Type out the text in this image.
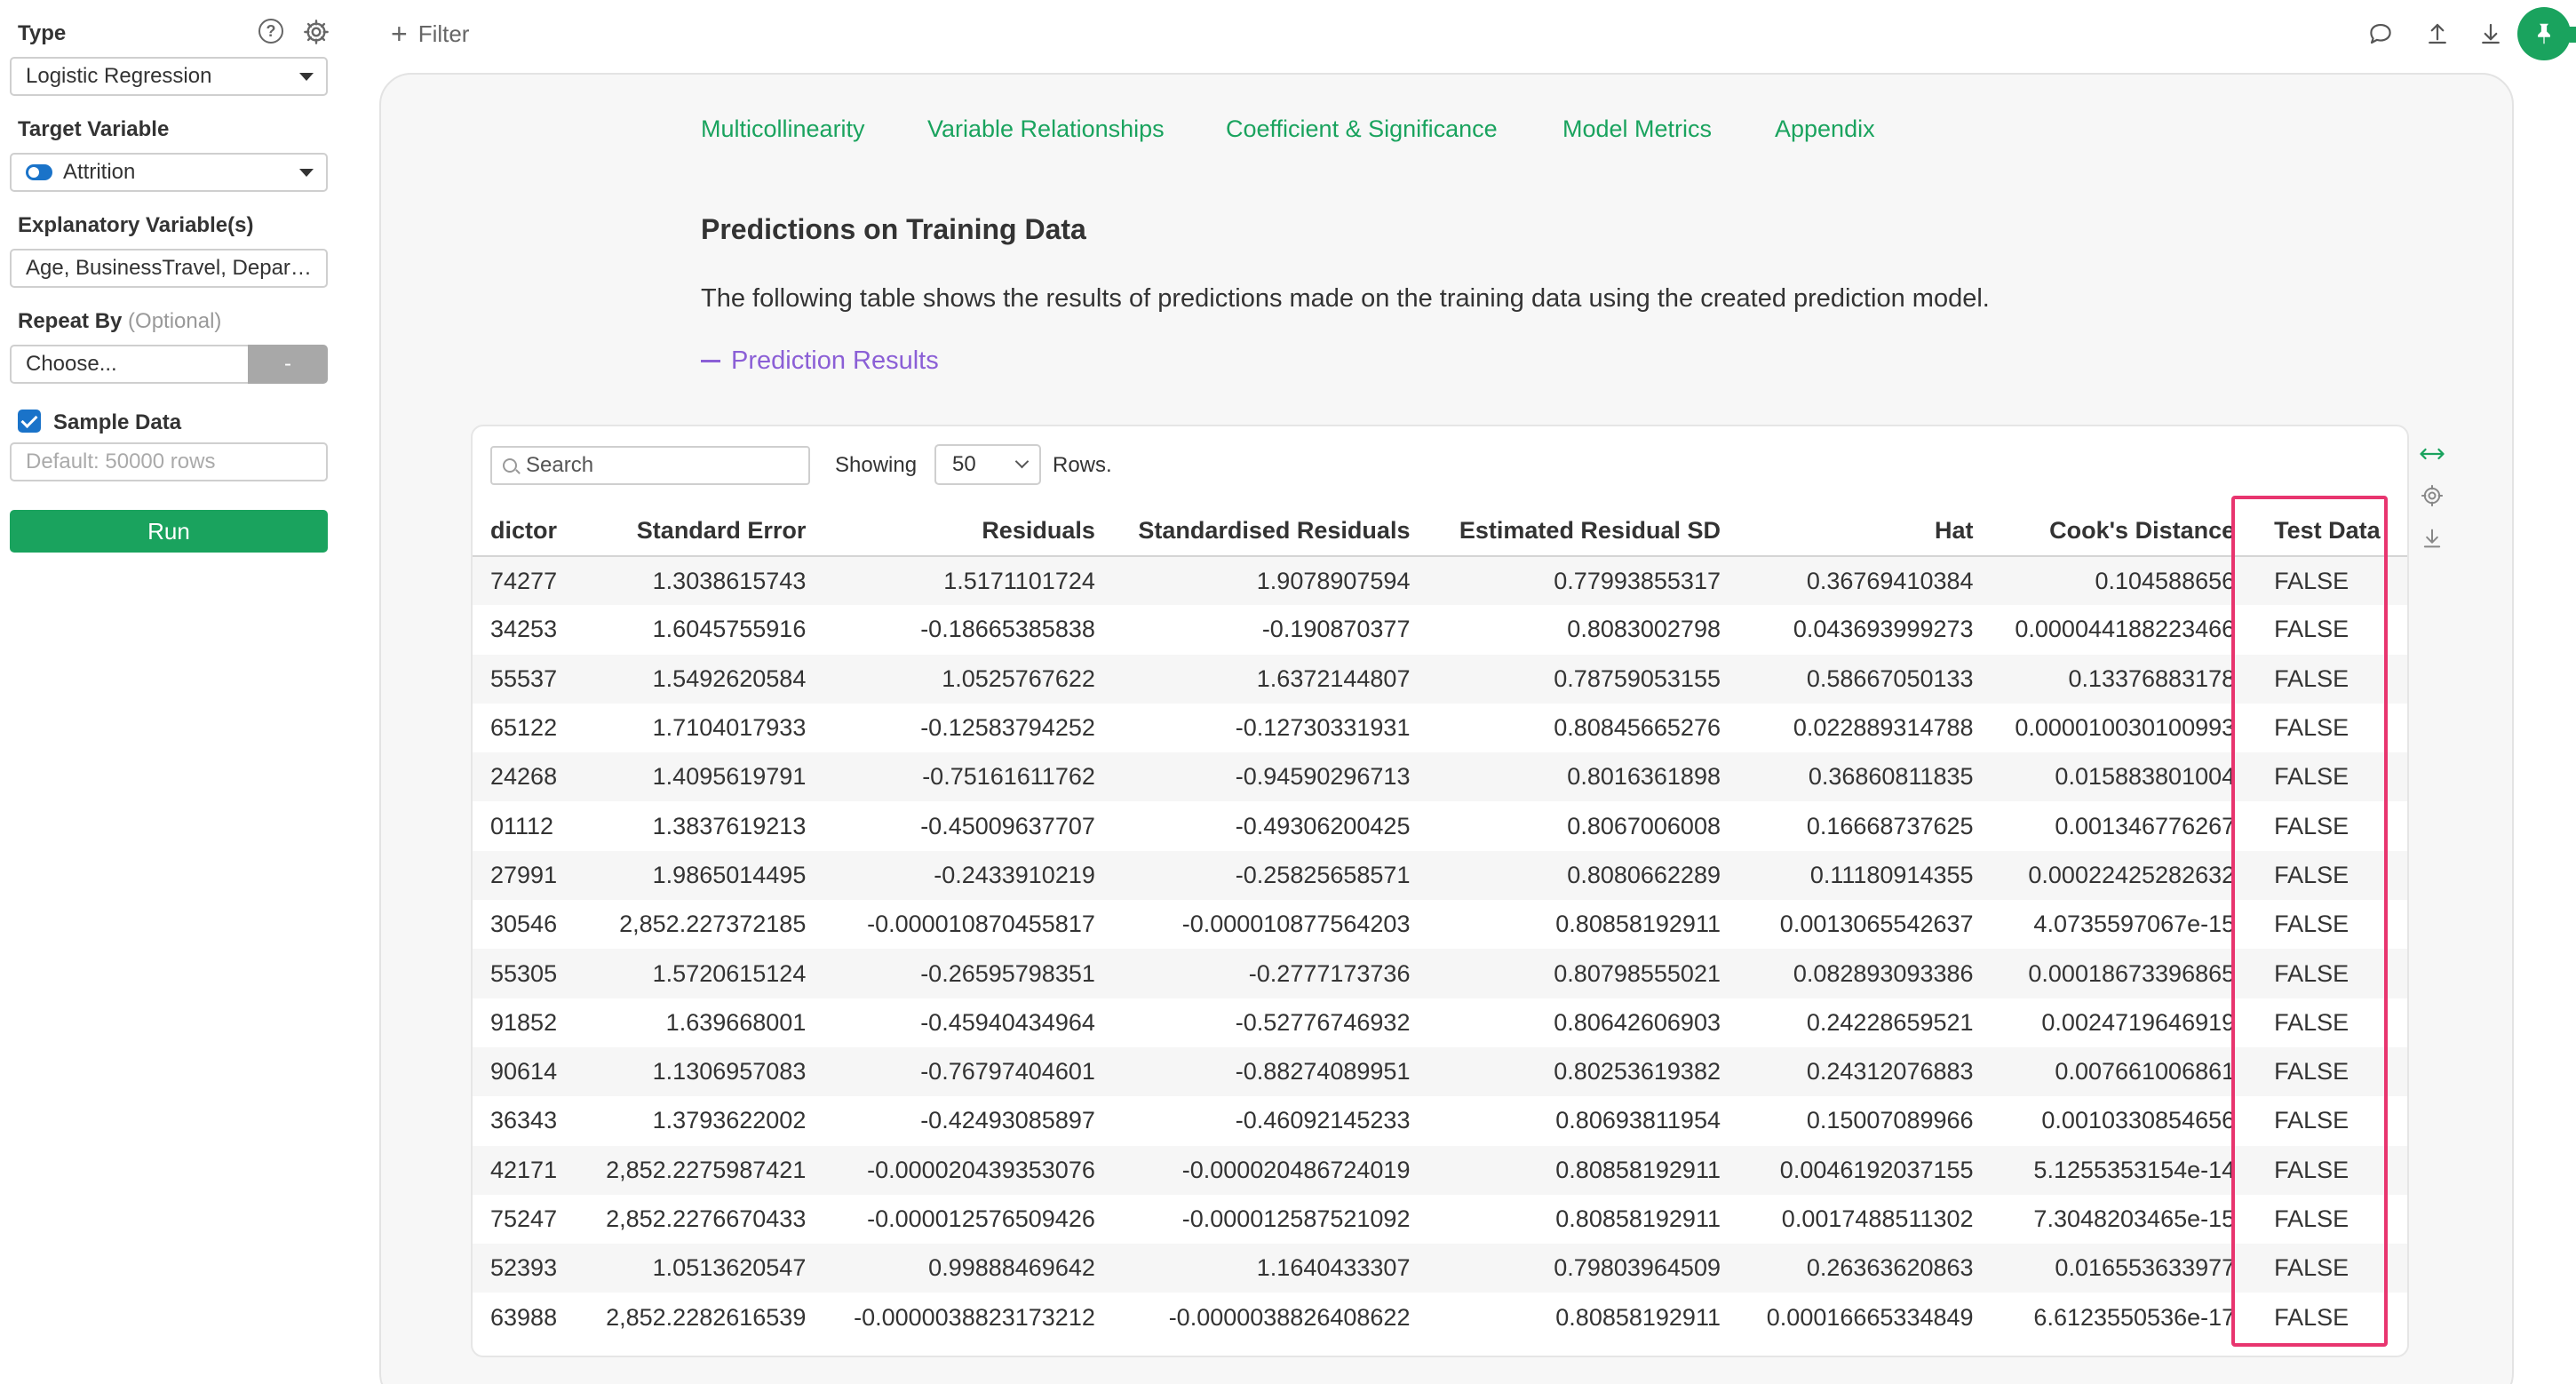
Type	?
Logistic Regression
Target Variable
Attrition
Explanatory Variable(s)
Age, BusinessTravel, Depar…
Repeat By (Optional)
Choose...	-
Sample Data
Default: 50000 rows
Run
+ Filter
Multicollinearity	Variable Relationships	Coefficient & Significance	Model Metrics	Appendix
Predictions on Training Data
The following table shows the results of predictions made on the training data using the created prediction model.
Prediction Results
Search	Showing 50	Rows.
dictor	Standard Error	Residuals	Standardised Residuals	Estimated Residual SD	Hat	Cook's Distance	Test Data
74277	1.3038615743	1.5171101724	1.9078907594	0.77993855317	0.36769410384	0.104588656	FALSE
34253	1.6045755916	-0.18665385838	-0.190870377	0.8083002798	0.043693999273	0.000044188223466	FALSE
55537	1.5492620584	1.0525767622	1.6372144807	0.78759053155	0.58667050133	0.13376883178	FALSE
65122	1.7104017933	-0.12583794252	-0.12730331931	0.80845665276	0.022889314788	0.000010030100993	FALSE
24268	1.4095619791	-0.75161611762	-0.94590296713	0.8016361898	0.36860811835	0.015883801004	FALSE
01112	1.3837619213	-0.45009637707	-0.49306200425	0.8067006008	0.16668737625	0.001346776267	FALSE
27991	1.9865014495	-0.2433910219	-0.25825658571	0.8080662289	0.11180914355	0.00022425282632	FALSE
30546	2,852.227372185	-0.000010870455817	-0.000010877564203	0.80858192911	0.0013065542637	4.0735597067e-15	FALSE
55305	1.5720615124	-0.26595798351	-0.2777173736	0.80798555021	0.082893093386	0.00018673396865	FALSE
91852	1.639668001	-0.45940434964	-0.52776746932	0.80642606903	0.24228659521	0.0024719646919	FALSE
90614	1.1306957083	-0.76797404601	-0.88274089951	0.80253619382	0.24312076883	0.007661006861	FALSE
36343	1.3793622002	-0.42493085897	-0.46092145233	0.80693811954	0.15007089966	0.0010330854656	FALSE
42171	2,852.2275987421	-0.000020439353076	-0.000020486724019	0.80858192911	0.0046192037155	5.1255353154e-14	FALSE
75247	2,852.2276670433	-0.000012576509426	-0.000012587521092	0.80858192911	0.0017488511302	7.3048203465e-15	FALSE
52393	1.0513620547	0.99888469642	1.1640433307	0.79803964509	0.26363620863	0.016553633977	FALSE
63988	2,852.2282616539	-0.0000038823173212	-0.0000038826408622	0.80858192911	0.00016665334849	6.6123550536e-17	FALSE
